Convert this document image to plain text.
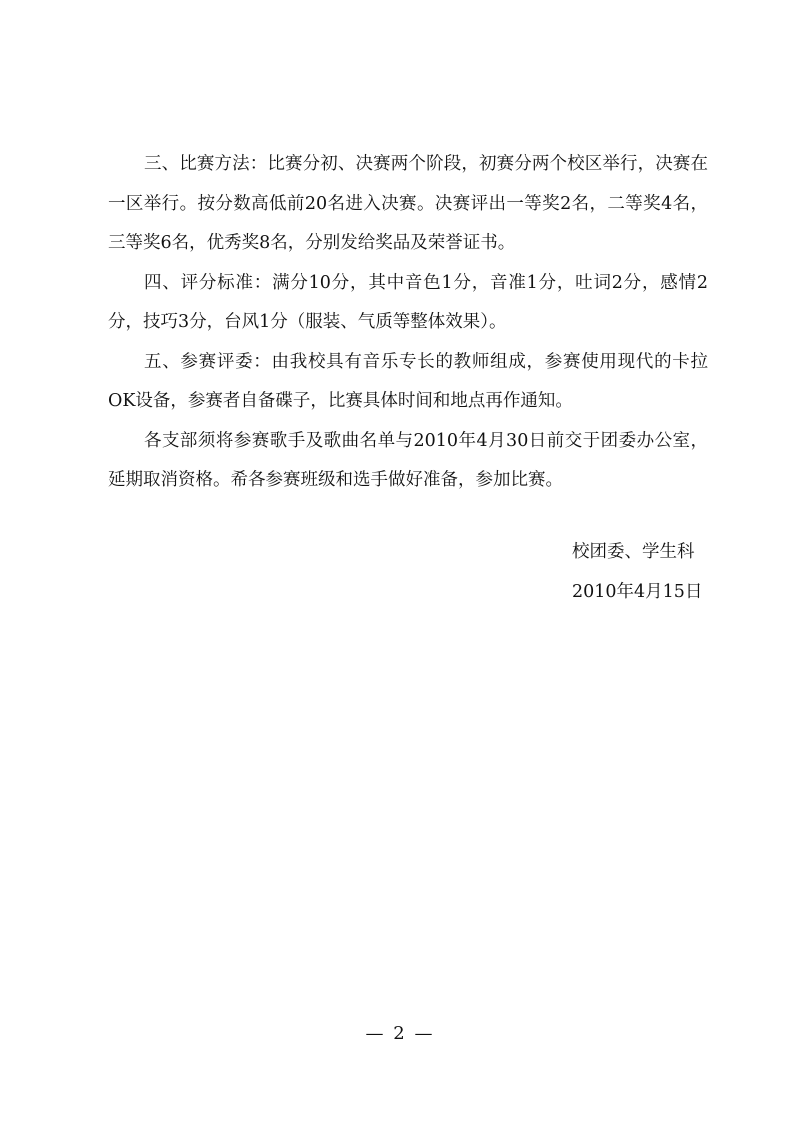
三、比赛方法：比赛分初、决赛两个阶段，初赛分两个校区举行，决赛在一区举行。按分数高低前20名进入决赛。决赛评出一等奖2名，二等奖4名，三等奖6名，优秀奖8名，分别发给奖品及荣誉证书。

四、评分标准：满分10分，其中音色1分，音准1分，吐词2分，感情2分，技巧3分，台风1分（服装、气质等整体效果）。

五、参赛评委：由我校具有音乐专长的教师组成，参赛使用现代的卡拉OK设备，参赛者自备碟子，比赛具体时间和地点再作通知。

各支部须将参赛歌手及歌曲名单与2010年4月30日前交于团委办公室，延期取消资格。希各参赛班级和选手做好准备，参加比赛。

校团委、学生科
2010年4月15日
— 2 —
